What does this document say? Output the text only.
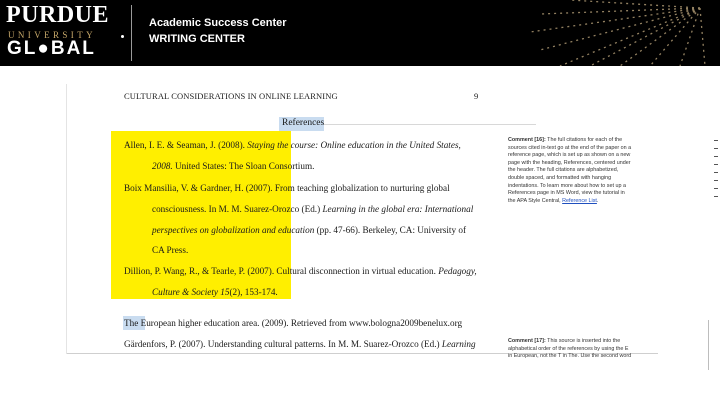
PURDUE
UNIVERSITY
GL●BAL
Academic Success Center
WRITING CENTER
CULTURAL CONSIDERATIONS IN ONLINE LEARNING	9
References
Allen, I. E. & Seaman, J. (2008). Staying the course: Online education in the United States,
2008. United States: The Sloan Consortium.
Boix Mansilia, V. & Gardner, H. (2007). From teaching globalization to nurturing global
consciousness. In M. M. Suarez-Orozco (Ed.) Learning in the global era: International
perspectives on globalization and education (pp. 47-66). Berkeley, CA: University of
CA Press.
Dillion, P. Wang, R., & Tearle, P. (2007). Cultural disconnection in virtual education. Pedagogy,
Culture & Society 15(2), 153-174.
The European higher education area. (2009). Retrieved from www.bologna2009benelux.org
Gärdenfors, P. (2007). Understanding cultural patterns. In M. M. Suarez-Orozco (Ed.) Learning
Comment [16]: The full citations for each of the
sources cited in-text go at the end of the paper on a
reference page, which is set up as shown on a new
page with the heading, References, centered under
the header. The full citations are alphabetized,
double spaced, and formatted with hanging
indentations. To learn more about how to set up a
References page in MS Word, view the tutorial in
the APA Style Central, Reference List.
Comment [17]: This source is inserted into the
alphabetical order of the references by using the E
in European, not the T in The. Use the second word
